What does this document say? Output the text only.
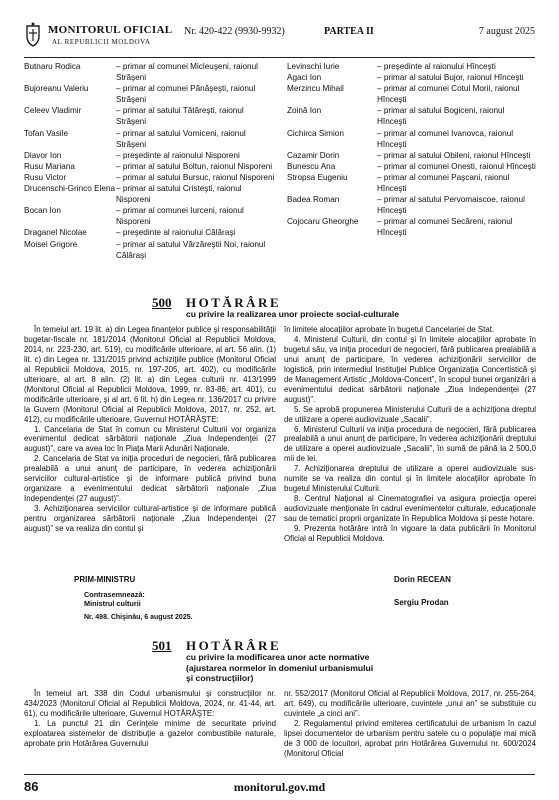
MONITORUL OFICIAL
AL REPUBLICII MOLDOVA
Nr. 420-422 (9930-9932)	PARTEA II	7 august 2025
Butnaru Rodica	– primar al comunei Micleuşeni, raionul Străşeni
Bujoreanu Valeriu	– primar al comunei Pănăşeşti, raionul Străşeni
Celeev Vladimir	– primar al satului Tătăreşti, raionul Străşeni
Tofan Vasile	– primar al satului Vorniceni, raionul Străşeni
Diavor Ion	– preşedinte al raionului Nisporeni
Rusu Mariana	– primar al satului Boltun, raionul Nisporeni
Rusu Victor	– primar al satului Bursuc, raionul Nisporeni
Drucenschi-Grinco Elena – primar al satului Cristeşti, raionul Nisporeni
Bocan Ion	– primar al comunei Iurceni, raionul Nisporeni
Draganel Nicolae	– preşedinte al raionului Călăraşi
Moisei Grigore	– primar al satului Vărzăreştii Noi, raionul Călăraşi
Levinschi Iurie	– preşedinte al raionului Hînceşti
Agaci Ion	– primar al satului Bujor, raionul Hînceşti
Merzincu Mihail	– primar al comunei Cotul Morii, raionul Hînceşti
Zoină Ion	– primar al satului Bogiceni, raionul Hînceşti
Cichirca Simion	– primar al comunei Ivanovca, raionul Hînceşti
Cazamir Dorin	– primar al satului Obileni, raionul Hînceşti
Bunescu Ana	– primar al comunei Onesti, raionul Hînceşti
Stropsa Eugeniu	– primar al comunei Paşcani, raionul Hînceşti
Badea Roman	– primar al satului Pervomaiscoe, raionul Hînceşti
Cojocaru Gheorghe	– primar al comunei Secăreni, raionul Hînceşti
500 HOTĂRÂRE
cu privire la realizarea unor proiecte social-culturale

În temeiul art. 19 lit. a) din Legea finanţelor publice şi responsabilităţii bugetar-fiscale nr. 181/2014 (Monitorul Oficial al Republicii Moldova, 2014, nr. 223-230, art. 519), cu modificările ulterioare, al art. 56 alin. (1) lit. c) din Legea nr. 131/2015 privind achiziţiile publice (Monitorul Oficial al Republicii Moldova, 2015, nr. 197-205, art. 402), cu modificările ulterioare, al art. 8 alin. (2) lit. a) din Legea culturii nr. 413/1999 (Monitorul Oficial al Republicii Moldova, 1999, nr. 83-86, art. 401), cu modificările ulterioare, şi al art. 6 lit. h) din Legea nr. 136/2017 cu privire la Guvern (Monitorul Oficial al Republicii Moldova, 2017, nr. 252, art. 412), cu modificările ulterioare, Guvernul HOTĂRĂŞTE:

1. Cancelaria de Stat în comun cu Ministerul Culturii vor organiza evenimentul dedicat sărbătorii naţionale „Ziua Independenţei (27 august)”, care va avea loc în Piaţa Marii Adunări Naţionale.

2. Cancelaria de Stat va iniţia proceduri de negocieri, fără publicarea prealabilă a unui anunţ de participare, în vederea achiziţionării serviciilor cultural-artistice şi de informare publică privind buna organizare a evenimentului dedicat sărbătorii naţionale „Ziua Independenţei (27 august)”.

3. Achiziţionarea serviciilor cultural-artistice şi de informare publică pentru organizarea sărbătorii naţionale „Ziua Independenţei (27 august)” se va realiza din contul şi

în limitele alocaţiilor aprobate în bugetul Cancelariei de Stat.

4. Ministerul Culturii, din contul şi în limitele alocaţiilor aprobate în bugetul său, va iniţia proceduri de negocieri, fără publicarea prealabilă a unui anunţ de participare, în vederea achiziţionării serviciilor de logistică, prin intermediul Instituţiei Publice Organizaţia Concertistică şi de Management Artistic „Moldova-Concert”, în scopul bunei organizări a evenimentului dedicat sărbătorii naţionale „Ziua Independenţei (27 august)”.

5. Se aprobă propunerea Ministerului Culturii de a achiziţiona dreptul de utilizare a operei audiovizuale „Sacalii”.

6. Ministerul Culturii va iniţia procedura de negocieri, fără publicarea prealabilă a unui anunţ de participare, în vederea achiziţionării dreptului de utilizare a operei audiovizuale „Sacalii”, în sumă de până la 2 500,0 mii de lei.

7. Achiziţionarea dreptului de utilizare a operei audiovizuale sus-numite se va realiza din contul şi în limitele alocaţiilor aprobate în bugetul Ministerului Culturii.

8. Centrul Naţional al Cinematografiei va asigura proiecţia operei audiovizuale menţionate în cadrul evenimentelor culturale, educaţionale sau de tematici proprii organizate în Republica Moldova şi peste hotare.

9. Prezenta hotărâre intră în vigoare la data publicării în Monitorul Oficial al Republicii Moldova.

PRIM-MINISTRU	Dorin RECEAN
Contrasemnează:
Ministrul culturii	Sergiu Prodan
Nr. 498. Chişinău, 6 august 2025.
501 HOTĂRÂRE
cu privire la modificarea unor acte normative
(ajustarea normelor în domeniul urbanismului
şi construcţiilor)

În temeiul art. 338 din Codul urbanismului şi construcţiilor nr. 434/2023 (Monitorul Oficial al Republicii Moldova, 2024, nr. 41-44, art. 61), cu modificările ulterioare, Guvernul HOTĂRĂŞTE:

1. La punctul 21 din Cerinţele minime de securitate privind exploatarea sistemelor de distribuţie a gazelor combustibile naturale, aprobate prin Hotărârea Guvernului

nr. 552/2017 (Monitorul Oficial al Republicii Moldova, 2017, nr. 255-264, art. 649), cu modificările ulterioare, cuvintele „unui an” se substituie cu cuvintele „a cinci ani”.

2. Regulamentul privind emiterea certificatului de urbanism în cazul lipsei documentelor de urbanism pentru satele cu o populaţie mai mică de 3 000 de locuitori, aprobat prin Hotărârea Guvernului nr. 600/2024 (Monitorul Oficial

86	monitorul.gov.md
